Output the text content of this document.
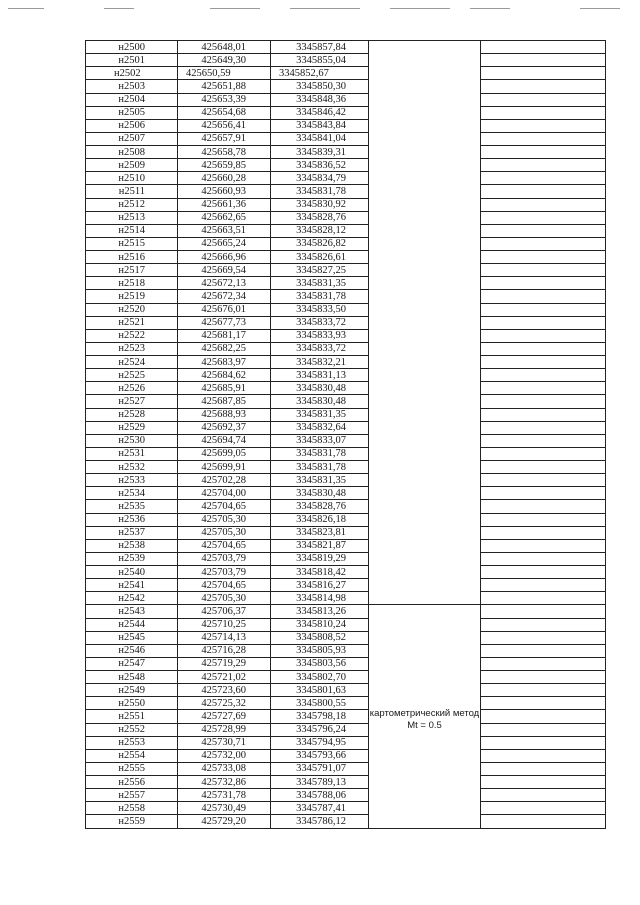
н2500	425648,01	3345857,84		
н2501	425649,30	3345855,04		
н2502	425650,59	3345852,67		
н2503	425651,88	3345850,30		
н2504	425653,39	3345848,36		
н2505	425654,68	3345846,42		
н2506	425656,41	3345843,84		
н2507	425657,91	3345841,04		
н2508	425658,78	3345839,31		
н2509	425659,85	3345836,52		
н2510	425660,28	3345834,79		
н2511	425660,93	3345831,78		
н2512	425661,36	3345830,92		
н2513	425662,65	3345828,76		
н2514	425663,51	3345828,12		
н2515	425665,24	3345826,82		
н2516	425666,96	3345826,61		
н2517	425669,54	3345827,25		
н2518	425672,13	3345831,35		
н2519	425672,34	3345831,78		
н2520	425676,01	3345833,50		
н2521	425677,73	3345833,72		
н2522	425681,17	3345833,93		
н2523	425682,25	3345833,72		
н2524	425683,97	3345832,21		
н2525	425684,62	3345831,13		
н2526	425685,91	3345830,48		
н2527	425687,85	3345830,48		
н2528	425688,93	3345831,35		
н2529	425692,37	3345832,64		
н2530	425694,74	3345833,07		
н2531	425699,05	3345831,78		
н2532	425699,91	3345831,78		
н2533	425702,28	3345831,35		
н2534	425704,00	3345830,48		
н2535	425704,65	3345828,76		
н2536	425705,30	3345826,18		
н2537	425705,30	3345823,81		
н2538	425704,65	3345821,87		
н2539	425703,79	3345819,29		
н2540	425703,79	3345818,42		
н2541	425704,65	3345816,27		
н2542	425705,30	3345814,98		
н2543	425706,37	3345813,26	картометрический метод Mt = 0.5	

н2544	425710,25	3345810,24		
н2545	425714,13	3345808,52		
н2546	425716,28	3345805,93		
н2547	425719,29	3345803,56		
н2548	425721,02	3345802,70		
н2549	425723,60	3345801,63		
н2550	425725,32	3345800,55		
н2551	425727,69	3345798,18		
н2552	425728,99	3345796,24		
н2553	425730,71	3345794,95		
н2554	425732,00	3345793,66		
н2555	425733,08	3345791,07		
н2556	425732,86	3345789,13		
н2557	425731,78	3345788,06		
н2558	425730,49	3345787,41		
н2559	425729,20	3345786,12		
